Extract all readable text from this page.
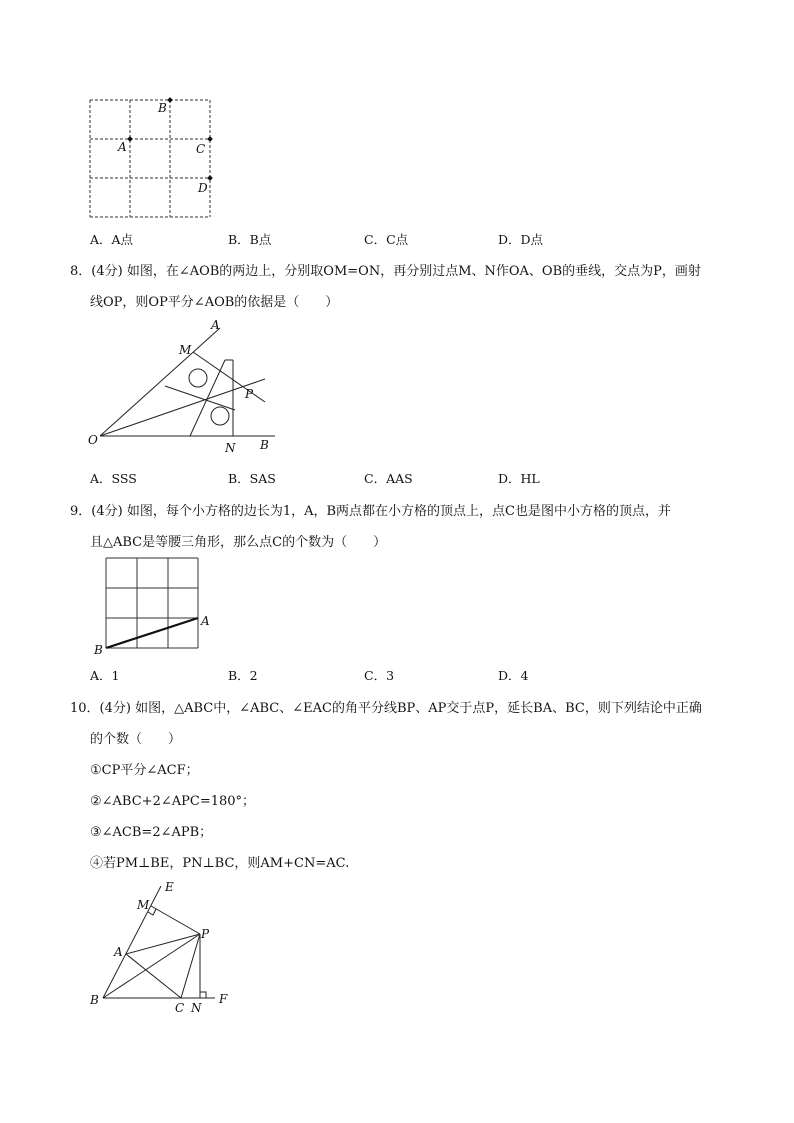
B
A	C
D
A．A点	B．B点	C．C点	D．D点
8．(4分) 如图，在∠AOB的两边上，分别取OM=ON，再分别过点M、N作OA、OB的垂线，交点为P，画射
线OP，则OP平分∠AOB的依据是（　　）
A
M
P
O
N B
A．SSS	B．SAS	C．AAS	D．HL
9．(4分) 如图，每个小方格的边长为1，A，B两点都在小方格的顶点上，点C也是图中小方格的顶点，并
且△ABC是等腰三角形，那么点C的个数为（　　）
A
B
A．1	B．2	C．3	D．4
10．(4分) 如图，△ABC中，∠ABC、∠EAC的角平分线BP、AP交于点P，延长BA、BC，则下列结论中正确
的个数（　　）
①CP平分∠ACF；
②∠ABC+2∠APC=180°；
③∠ACB=2∠APB；
④若PM⊥BE，PN⊥BC，则AM+CN=AC.
E
M
P
A
B
C N
F
